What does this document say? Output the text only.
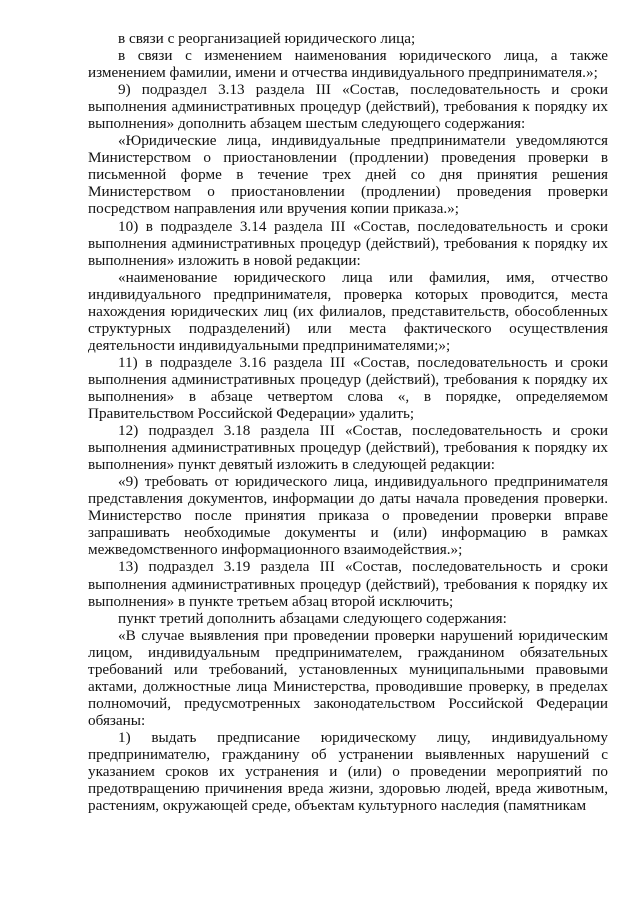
в связи с реорганизацией юридического лица;

в связи с изменением наименования юридического лица, а также изменением фамилии, имени и отчества индивидуального предпринимателя.»;

9) подраздел 3.13 раздела III «Состав, последовательность и сроки выполнения административных процедур (действий), требования к порядку их выполнения» дополнить абзацем шестым следующего содержания:

«Юридические лица, индивидуальные предприниматели уведомляются Министерством о приостановлении (продлении) проведения проверки в письменной форме в течение трех дней со дня принятия решения Министерством о приостановлении (продлении) проведения проверки посредством направления или вручения копии приказа.»;

10) в подразделе 3.14 раздела III «Состав, последовательность и сроки выполнения административных процедур (действий), требования к порядку их выполнения» изложить в новой редакции:

«наименование юридического лица или фамилия, имя, отчество индивидуального предпринимателя, проверка которых проводится, места нахождения юридических лиц (их филиалов, представительств, обособленных структурных подразделений) или места фактического осуществления деятельности индивидуальными предпринимателями;»;

11) в подразделе 3.16 раздела III «Состав, последовательность и сроки выполнения административных процедур (действий), требования к порядку их выполнения» в абзаце четвертом слова «, в порядке, определяемом Правительством Российской Федерации» удалить;

12) подраздел 3.18 раздела III «Состав, последовательность и сроки выполнения административных процедур (действий), требования к порядку их выполнения» пункт девятый изложить в следующей редакции:

«9) требовать от юридического лица, индивидуального предпринимателя представления документов, информации до даты начала проведения проверки. Министерство после принятия приказа о проведении проверки вправе запрашивать необходимые документы и (или) информацию в рамках межведомственного информационного взаимодействия.»;

13) подраздел 3.19 раздела III «Состав, последовательность и сроки выполнения административных процедур (действий), требования к порядку их выполнения» в пункте третьем абзац второй исключить;

пункт третий дополнить абзацами следующего содержания:

«В случае выявления при проведении проверки нарушений юридическим лицом, индивидуальным предпринимателем, гражданином обязательных требований или требований, установленных муниципальными правовыми актами, должностные лица Министерства, проводившие проверку, в пределах полномочий, предусмотренных законодательством Российской Федерации обязаны:

1) выдать предписание юридическому лицу, индивидуальному предпринимателю, гражданину об устранении выявленных нарушений с указанием сроков их устранения и (или) о проведении мероприятий по предотвращению причинения вреда жизни, здоровью людей, вреда животным, растениям, окружающей среде, объектам культурного наследия (памятникам
